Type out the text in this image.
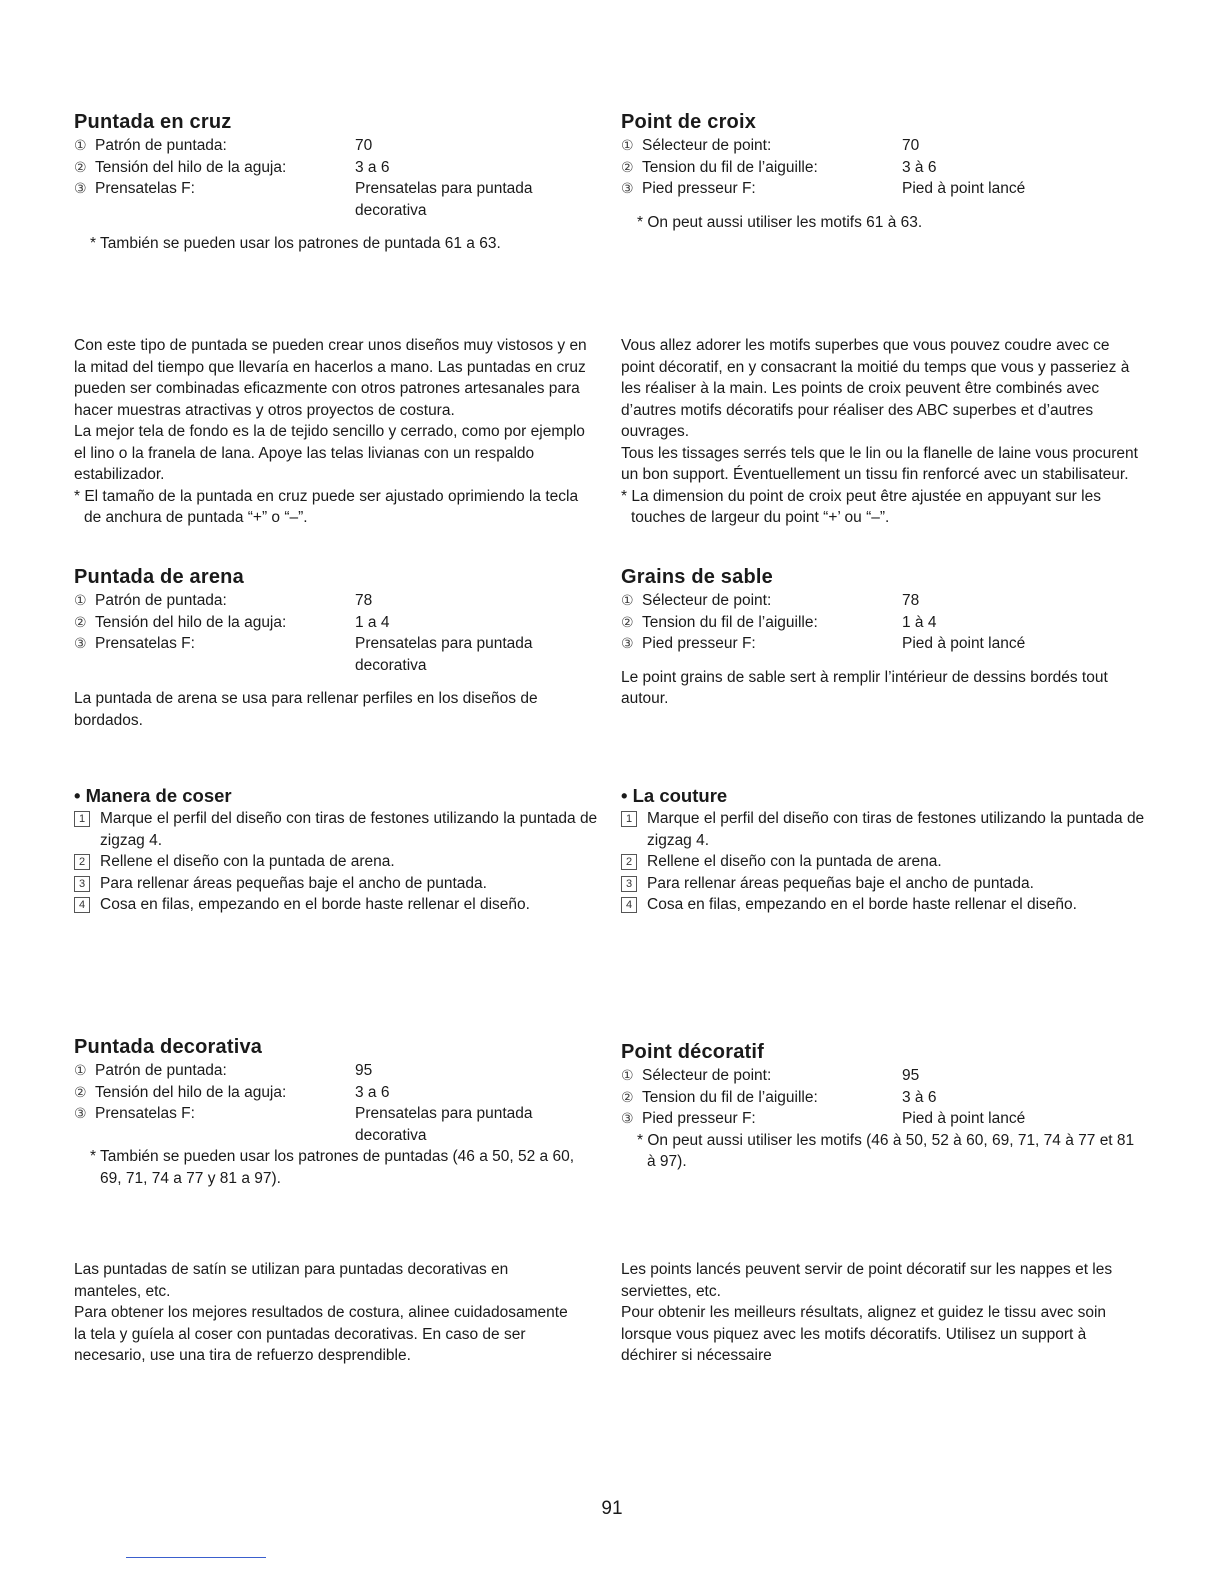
Puntada en cruz
① Patrón de puntada:	70
② Tensión del hilo de la aguja:	3 a 6
③ Prensatelas F:	Prensatelas para puntada decorativa
* También se pueden usar los patrones de puntada 61 a 63.

Con este tipo de puntada se pueden crear unos diseños muy vistosos y en la mitad del tiempo que llevaría en hacerlos a mano. Las puntadas en cruz pueden ser combinadas eficazmente con otros patrones artesanales para hacer muestras atractivas y otros proyectos de costura.

La mejor tela de fondo es la de tejido sencillo y cerrado, como por ejemplo el lino o la franela de lana. Apoye las telas livianas con un respaldo estabilizador.

* El tamaño de la puntada en cruz puede ser ajustado oprimiendo la tecla de anchura de puntada “+” o “–”.
Puntada de arena
① Patrón de puntada:	78
② Tensión del hilo de la aguja:	1 a 4
③ Prensatelas F:	Prensatelas para puntada decorativa

La puntada de arena se usa para rellenar perfiles en los diseños de bordados.

• Manera de coser
1 Marque el perfil del diseño con tiras de festones utilizando la puntada de zigzag 4.
2 Rellene el diseño con la puntada de arena.
3 Para rellenar áreas pequeñas baje el ancho de puntada.
4 Cosa en filas, empezando en el borde haste rellenar el diseño.
Puntada decorativa
① Patrón de puntada:	95
② Tensión del hilo de la aguja:	3 a 6
③ Prensatelas F:	Prensatelas para puntada decorativa
* También se pueden usar los patrones de puntadas (46 a 50, 52 a 60, 69, 71, 74 a 77 y 81 a 97).

Las puntadas de satín se utilizan para puntadas decorativas en manteles, etc.

Para obtener los mejores resultados de costura, alinee cuidadosamente la tela y guíela al coser con puntadas decorativas. En caso de ser necesario, use una tira de refuerzo desprendible.

Point de croix
① Sélecteur de point:	70
② Tension du fil de l’aiguille:	3 à 6
③ Pied presseur F:	Pied à point lancé
* On peut aussi utiliser les motifs 61 à 63.

Vous allez adorer les motifs superbes que vous pouvez coudre avec ce point décoratif, en y consacrant la moitié du temps que vous y passeriez à les réaliser à la main. Les points de croix peuvent être combinés avec d’autres motifs décoratifs pour réaliser des ABC superbes et d’autres ouvrages.

Tous les tissages serrés tels que le lin ou la flanelle de laine vous procurent un bon support. Éventuellement un tissu fin renforcé avec un stabilisateur.

* La dimension du point de croix peut être ajustée en appuyant sur les touches de largeur du point “+’ ou “–”.
Grains de sable
① Sélecteur de point:	78
② Tension du fil de l’aiguille:	1 à 4
③ Pied presseur F:	Pied à point lancé

Le point grains de sable sert à remplir l’intérieur de dessins bordés tout autour.

• La couture
1 Marque el perfil del diseño con tiras de festones utilizando la puntada de zigzag 4.
2 Rellene el diseño con la puntada de arena.
3 Para rellenar áreas pequeñas baje el ancho de puntada.
4 Cosa en filas, empezando en el borde haste rellenar el diseño.
Point décoratif
① Sélecteur de point:	95
② Tension du fil de l’aiguille:	3 à 6
③ Pied presseur F:	Pied à point lancé
* On peut aussi utiliser les motifs (46 à 50, 52 à 60, 69, 71, 74 à 77 et 81 à 97).

Les points lancés peuvent servir de point décoratif sur les nappes et les serviettes, etc.

Pour obtenir les meilleurs résultats, alignez et guidez le tissu avec soin lorsque vous piquez avec les motifs décoratifs. Utilisez un support à déchirer si nécessaire

91
